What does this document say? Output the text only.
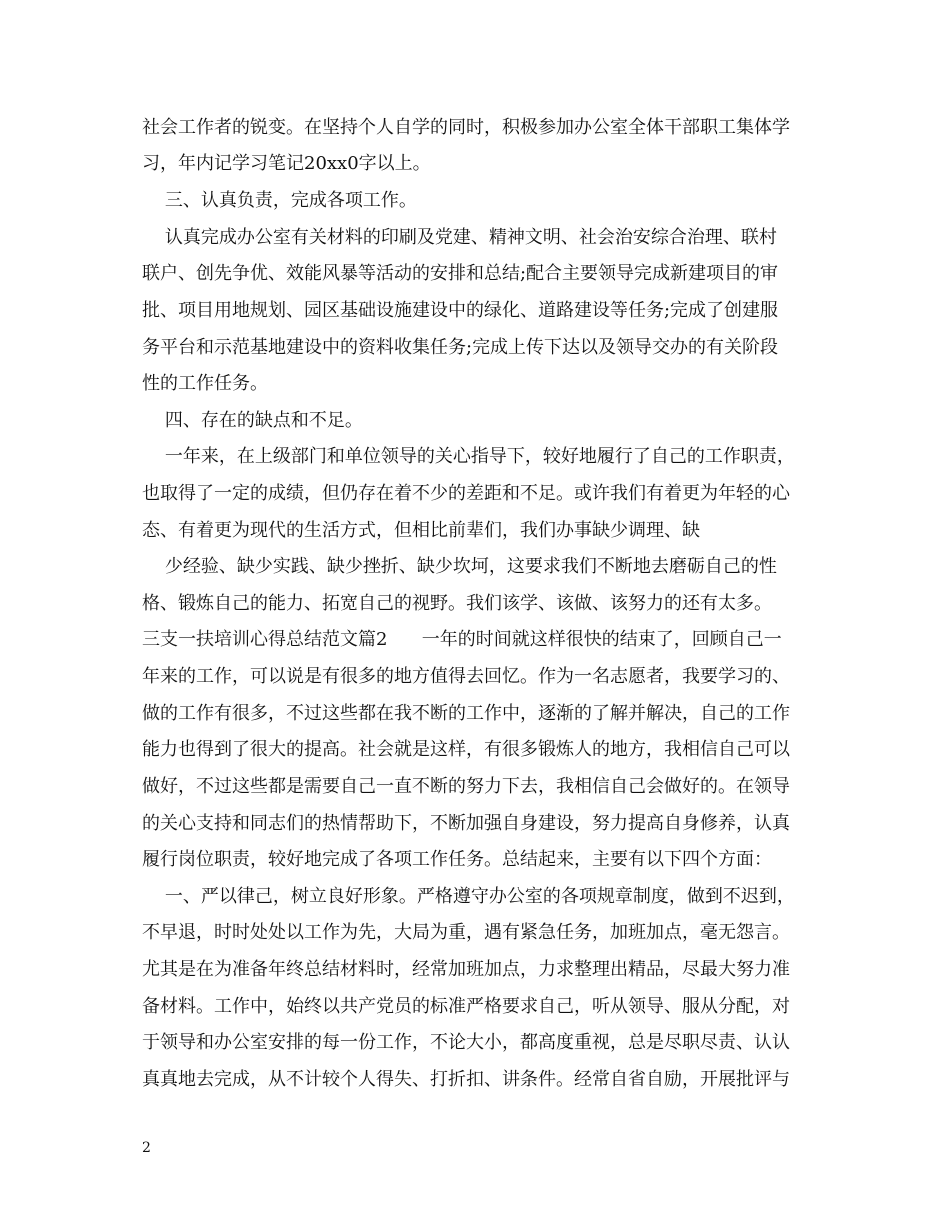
社会工作者的锐变。在坚持个人自学的同时，积极参加办公室全体干部职工集体学
习，年内记学习笔记20xx0字以上。
三、认真负责，完成各项工作。
认真完成办公室有关材料的印刷及党建、精神文明、社会治安综合治理、联村
联户、创先争优、效能风暴等活动的安排和总结;配合主要领导完成新建项目的审
批、项目用地规划、园区基础设施建设中的绿化、道路建设等任务;完成了创建服
务平台和示范基地建设中的资料收集任务;完成上传下达以及领导交办的有关阶段
性的工作任务。
四、存在的缺点和不足。
一年来，在上级部门和单位领导的关心指导下，较好地履行了自己的工作职责，
也取得了一定的成绩，但仍存在着不少的差距和不足。或许我们有着更为年轻的心
态、有着更为现代的生活方式，但相比前辈们，我们办事缺少调理、缺
少经验、缺少实践、缺少挫折、缺少坎坷，这要求我们不断地去磨砺自己的性
格、锻炼自己的能力、拓宽自己的视野。我们该学、该做、该努力的还有太多。
三支一扶培训心得总结范文篇2      一年的时间就这样很快的结束了，回顾自己一
年来的工作，可以说是有很多的地方值得去回忆。作为一名志愿者，我要学习的、
做的工作有很多，不过这些都在我不断的工作中，逐渐的了解并解决，自己的工作
能力也得到了很大的提高。社会就是这样，有很多锻炼人的地方，我相信自己可以
做好，不过这些都是需要自己一直不断的努力下去，我相信自己会做好的。在领导
的关心支持和同志们的热情帮助下，不断加强自身建设，努力提高自身修养，认真
履行岗位职责，较好地完成了各项工作任务。总结起来，主要有以下四个方面：
一、严以律己，树立良好形象。严格遵守办公室的各项规章制度，做到不迟到，
不早退，时时处处以工作为先，大局为重，遇有紧急任务，加班加点，毫无怨言。
尤其是在为准备年终总结材料时，经常加班加点，力求整理出精品，尽最大努力准
备材料。工作中，始终以共产党员的标准严格要求自己，听从领导、服从分配，对
于领导和办公室安排的每一份工作，不论大小，都高度重视，总是尽职尽责、认认
真真地去完成，从不计较个人得失、打折扣、讲条件。经常自省自励，开展批评与
2
